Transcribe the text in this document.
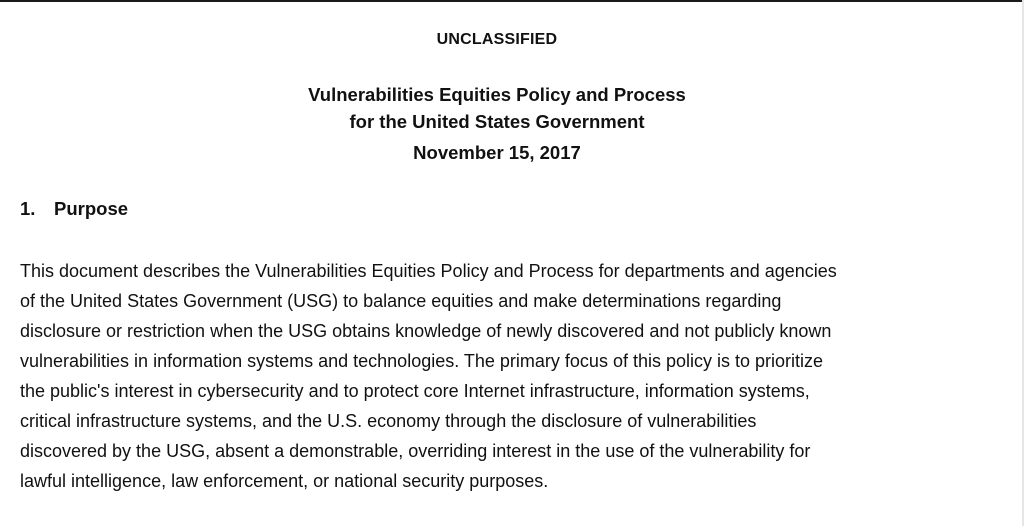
UNCLASSIFIED
Vulnerabilities Equities Policy and Process
for the United States Government
November 15, 2017
1. Purpose

This document describes the Vulnerabilities Equities Policy and Process for departments and agencies
of the United States Government (USG) to balance equities and make determinations regarding
disclosure or restriction when the USG obtains knowledge of newly discovered and not publicly known
vulnerabilities in information systems and technologies. The primary focus of this policy is to prioritize
the public's interest in cybersecurity and to protect core Internet infrastructure, information systems,
critical infrastructure systems, and the U.S. economy through the disclosure of vulnerabilities
discovered by the USG, absent a demonstrable, overriding interest in the use of the vulnerability for
lawful intelligence, law enforcement, or national security purposes.
